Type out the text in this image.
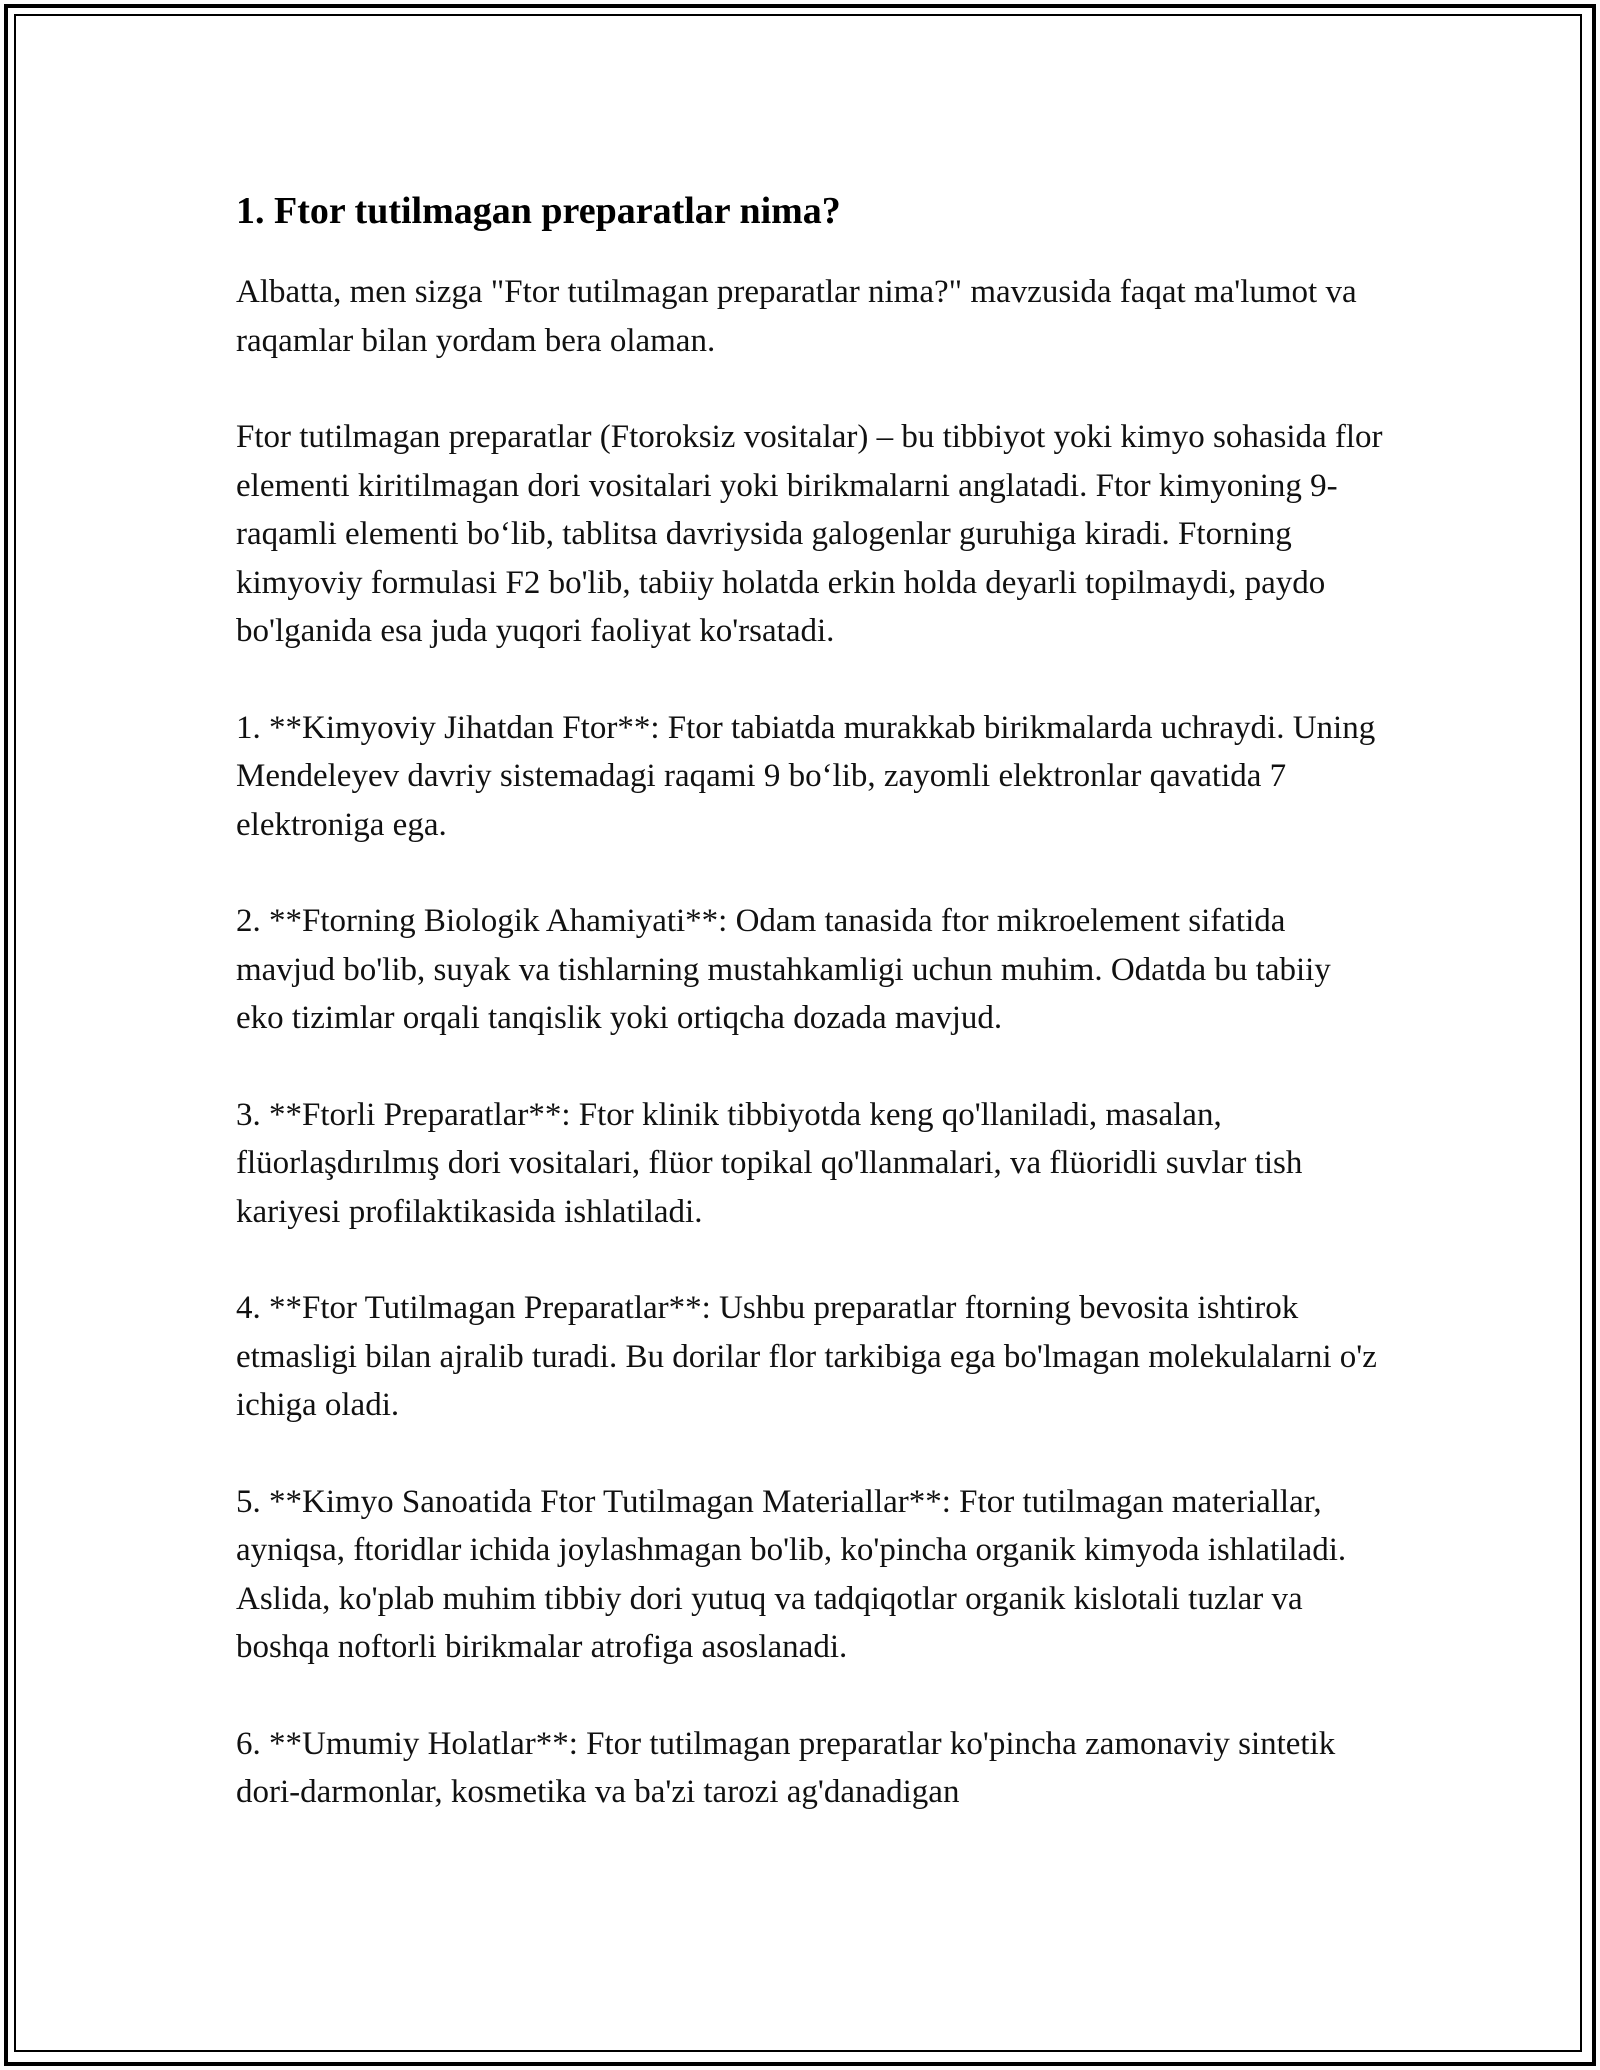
1. Ftor tutilmagan preparatlar nima?

Albatta, men sizga "Ftor tutilmagan preparatlar nima?" mavzusida faqat ma'lumot va raqamlar bilan yordam bera olaman.

Ftor tutilmagan preparatlar (Ftoroksiz vositalar) – bu tibbiyot yoki kimyo sohasida flor elementi kiritilmagan dori vositalari yoki birikmalarni anglatadi. Ftor kimyoning 9-raqamli elementi bo‘lib, tablitsa davriysida galogenlar guruhiga kiradi. Ftorning kimyoviy formulasi F2 bo'lib, tabiiy holatda erkin holda deyarli topilmaydi, paydo bo'lganida esa juda yuqori faoliyat ko'rsatadi.

1. **Kimyoviy Jihatdan Ftor**: Ftor tabiatda murakkab birikmalarda uchraydi. Uning Mendeleyev davriy sistemadagi raqami 9 bo‘lib, zayomli elektronlar qavatida 7 elektroniga ega.

2. **Ftorning Biologik Ahamiyati**: Odam tanasida ftor mikroelement sifatida mavjud bo'lib, suyak va tishlarning mustahkamligi uchun muhim. Odatda bu tabiiy eko tizimlar orqali tanqislik yoki ortiqcha dozada mavjud.

3. **Ftorli Preparatlar**: Ftor klinik tibbiyotda keng qo'llaniladi, masalan, flüorlaşdırılmış dori vositalari, flüor topikal qo'llanmalari, va flüoridli suvlar tish kariyesi profilaktikasida ishlatiladi.

4. **Ftor Tutilmagan Preparatlar**: Ushbu preparatlar ftorning bevosita ishtirok etmasligi bilan ajralib turadi. Bu dorilar flor tarkibiga ega bo'lmagan molekulalarni o'z ichiga oladi.

5. **Kimyo Sanoatida Ftor Tutilmagan Materiallar**: Ftor tutilmagan materiallar, ayniqsa, ftoridlar ichida joylashmagan bo'lib, ko'pincha organik kimyoda ishlatiladi. Aslida, ko'plab muhim tibbiy dori yutuq va tadqiqotlar organik kislotali tuzlar va boshqa noftorli birikmalar atrofiga asoslanadi.

6. **Umumiy Holatlar**: Ftor tutilmagan preparatlar ko'pincha zamonaviy sintetik dori-darmonlar, kosmetika va ba'zi tarozi ag'danadigan
